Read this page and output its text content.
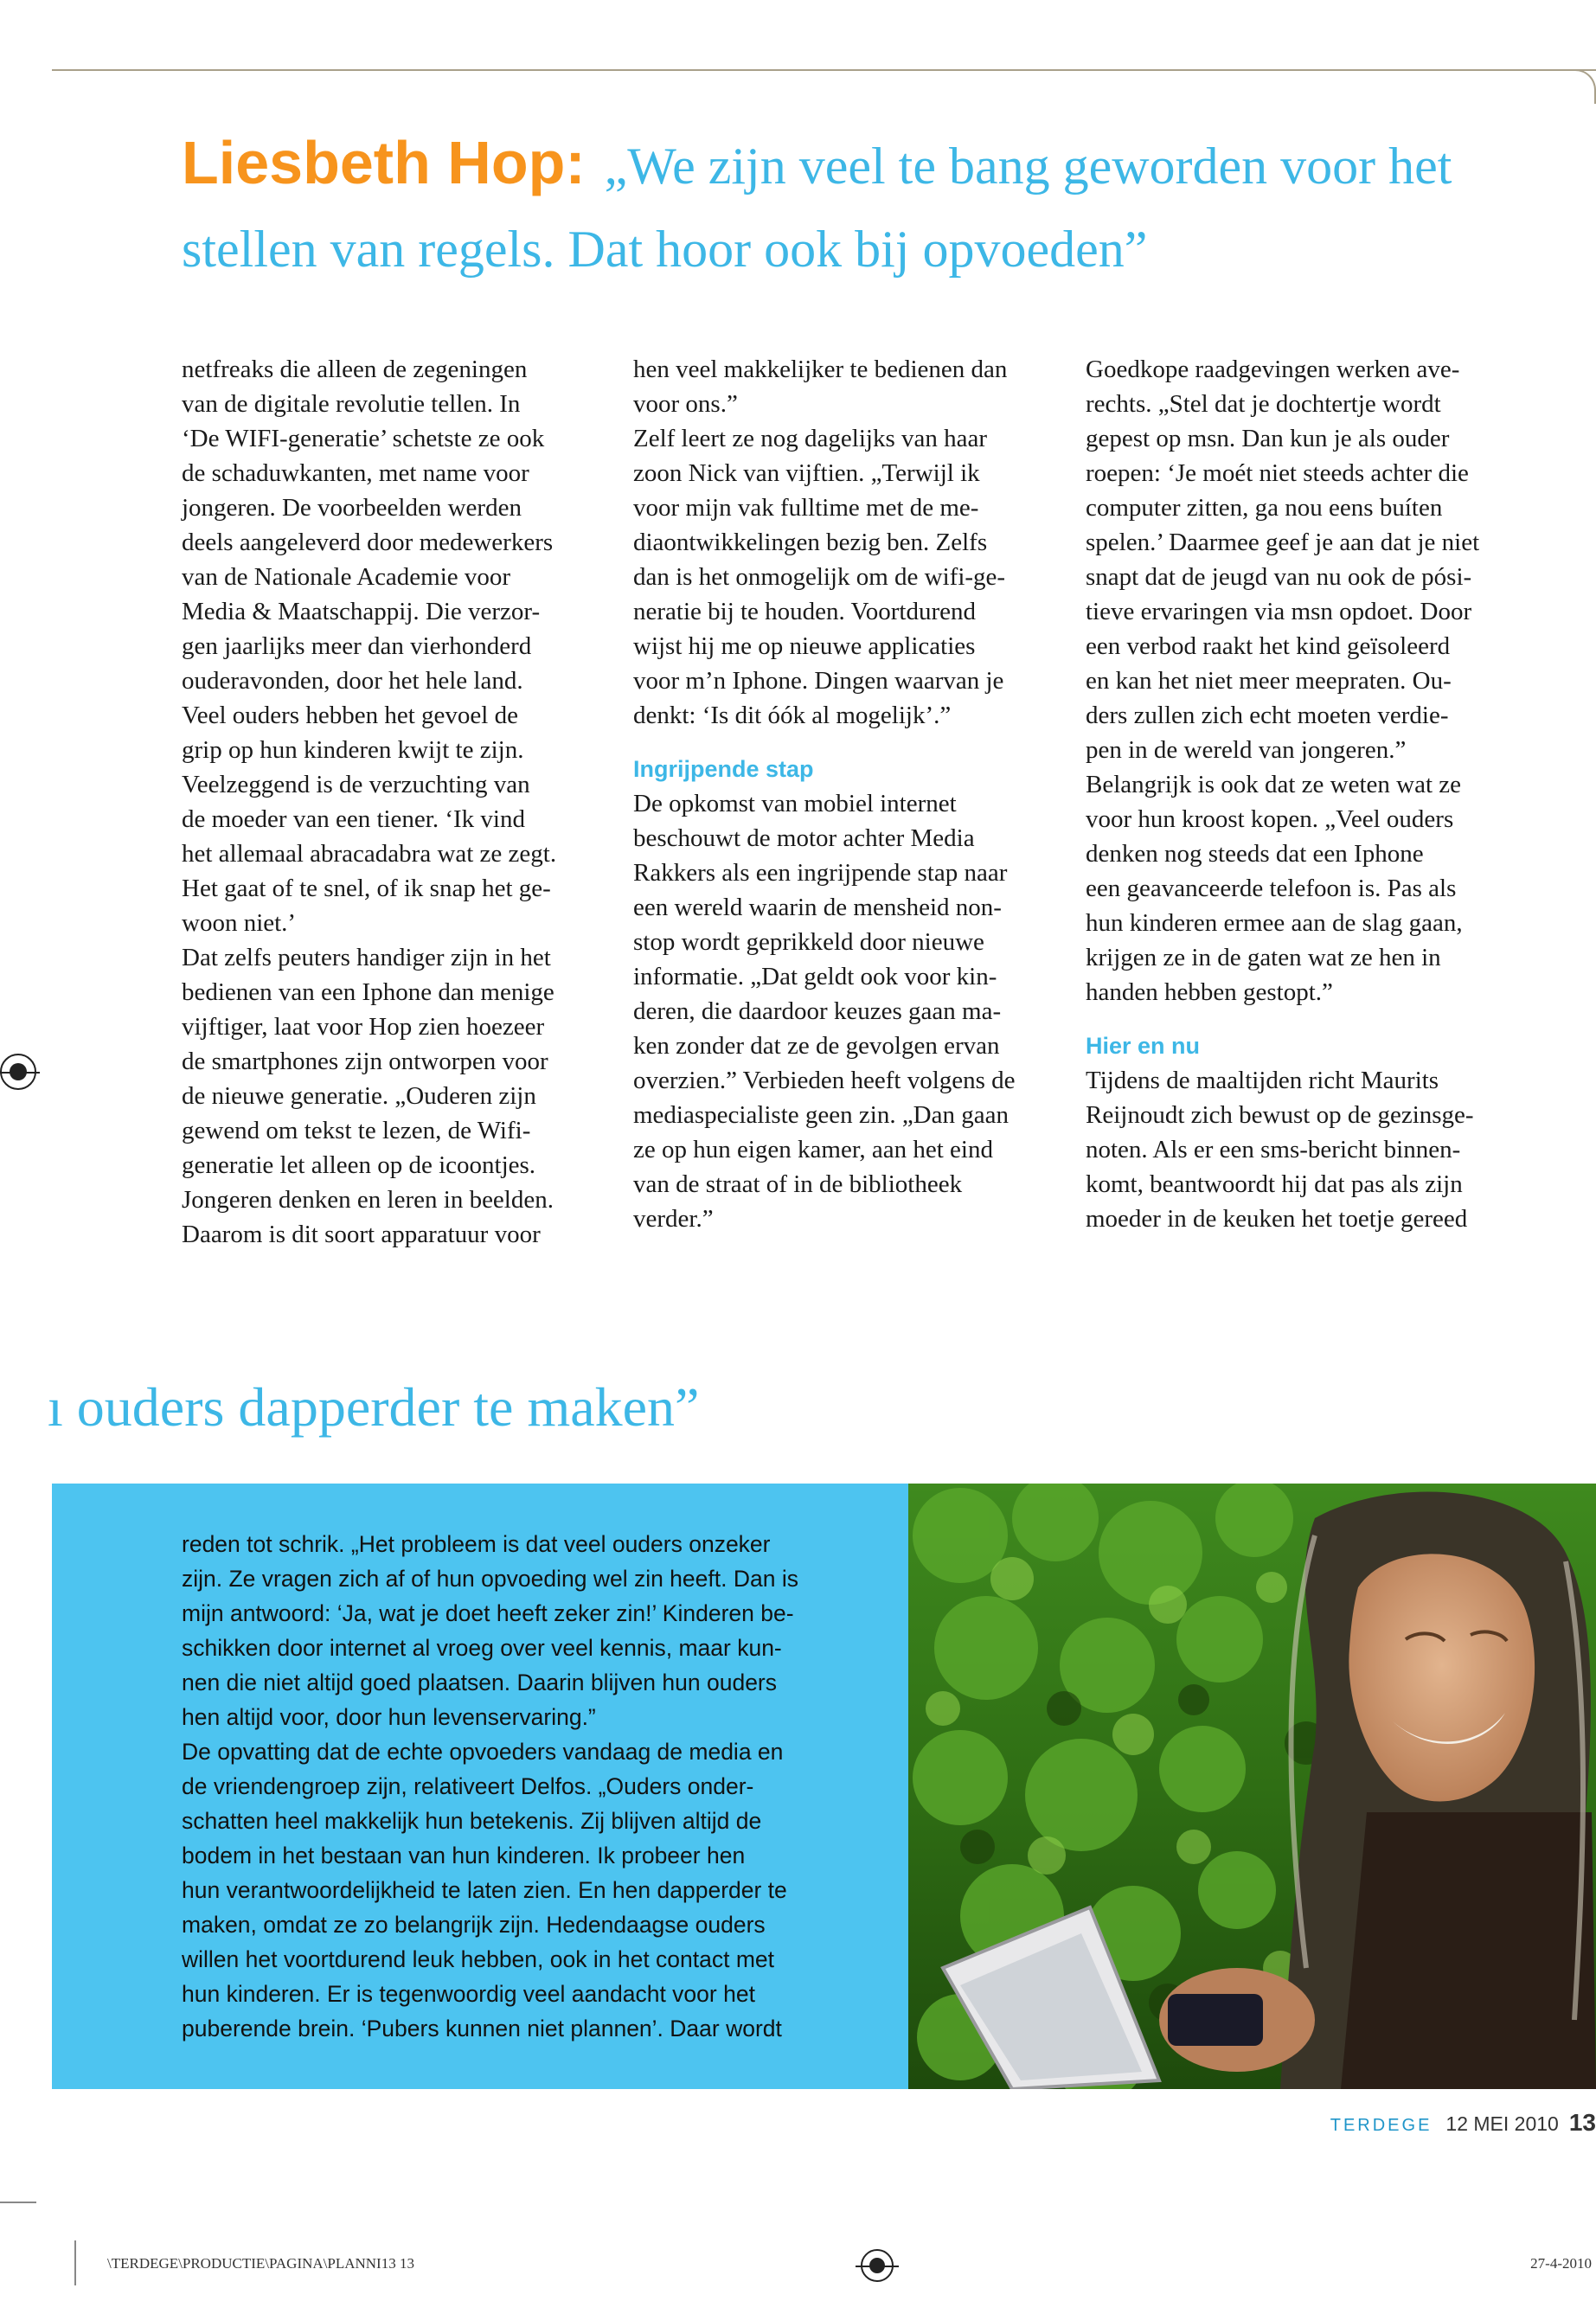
Liesbeth Hop: „We zijn veel te bang geworden voor het stellen van regels. Dat hoor ook bij opvoeden”

netfreaks die alleen de zegeningen
van de digitale revolutie tellen. In
‘De WIFI-generatie’ schetste ze ook
de schaduwkanten, met name voor
jongeren. De voorbeelden werden
deels aangeleverd door medewerkers
van de Nationale Academie voor
Media & Maatschappij. Die verzor-
gen jaarlijks meer dan vierhonderd
ouderavonden, door het hele land.
Veel ouders hebben het gevoel de
grip op hun kinderen kwijt te zijn.
Veelzeggend is de verzuchting van
de moeder van een tiener. ‘Ik vind
het allemaal abracadabra wat ze zegt.
Het gaat of te snel, of ik snap het ge-
woon niet.’
Dat zelfs peuters handiger zijn in het
bedienen van een Iphone dan menige
vijftiger, laat voor Hop zien hoezeer
de smartphones zijn ontworpen voor
de nieuwe generatie. „Ouderen zijn
gewend om tekst te lezen, de Wifi-
generatie let alleen op de icoontjes.
Jongeren denken en leren in beelden.
Daarom is dit soort apparatuur voor

hen veel makkelijker te bedienen dan
voor ons.”
Zelf leert ze nog dagelijks van haar
zoon Nick van vijftien. „Terwijl ik
voor mijn vak fulltime met de me-
diaontwikkelingen bezig ben. Zelfs
dan is het onmogelijk om de wifi-ge-
neratie bij te houden. Voortdurend
wijst hij me op nieuwe applicaties
voor m’n Iphone. Dingen waarvan je
denkt: ‘Is dit óók al mogelijk’.”

Ingrijpende stap

De opkomst van mobiel internet
beschouwt de motor achter Media
Rakkers als een ingrijpende stap naar
een wereld waarin de mensheid non-
stop wordt geprikkeld door nieuwe
informatie. „Dat geldt ook voor kin-
deren, die daardoor keuzes gaan ma-
ken zonder dat ze de gevolgen ervan
overzien.” Verbieden heeft volgens de
mediaspecialiste geen zin. „Dan gaan
ze op hun eigen kamer, aan het eind
van de straat of in de bibliotheek
verder.”

Goedkope raadgevingen werken ave-
rechts. „Stel dat je dochtertje wordt
gepest op msn. Dan kun je als ouder
roepen: ‘Je moét niet steeds achter die
computer zitten, ga nou eens buíten
spelen.’ Daarmee geef je aan dat je niet
snapt dat de jeugd van nu ook de pósi-
tieve ervaringen via msn opdoet. Door
een verbod raakt het kind geïsoleerd
en kan het niet meer meepraten. Ou-
ders zullen zich echt moeten verdie-
pen in de wereld van jongeren.”
Belangrijk is ook dat ze weten wat ze
voor hun kroost kopen. „Veel ouders
denken nog steeds dat een Iphone
een geavanceerde telefoon is. Pas als
hun kinderen ermee aan de slag gaan,
krijgen ze in de gaten wat ze hen in
handen hebben gestopt.”

Hier en nu

Tijdens de maaltijden richt Maurits
Reijnoudt zich bewust op de gezinsge-
noten. Als er een sms-bericht binnen-
komt, beantwoordt hij dat pas als zijn
moeder in de keuken het toetje gereed

ı ouders dapperder te maken”
reden tot schrik. „Het probleem is dat veel ouders onzeker
zijn. Ze vragen zich af of hun opvoeding wel zin heeft. Dan is
mijn antwoord: ‘Ja, wat je doet heeft zeker zin!’ Kinderen be-
schikken door internet al vroeg over veel kennis, maar kun-
nen die niet altijd goed plaatsen. Daarin blijven hun ouders
hen altijd voor, door hun levenservaring.”
De opvatting dat de echte opvoeders vandaag de media en
de vriendengroep zijn, relativeert Delfos. „Ouders onder-
schatten heel makkelijk hun betekenis. Zij blijven altijd de
bodem in het bestaan van hun kinderen. Ik probeer hen
hun verantwoordelijkheid te laten zien. En hen dapperder te
maken, omdat ze zo belangrijk zijn. Hedendaagse ouders
willen het voortdurend leuk hebben, ook in het contact met
hun kinderen. Er is tegenwoordig veel aandacht voor het
puberende brein. ‘Pubers kunnen niet plannen’. Daar wordt
TERDEGE 12 MEI 2010 13
\TERDEGE\PRODUCTIE\PAGINA\PLANNI13 13	27-4-2010
